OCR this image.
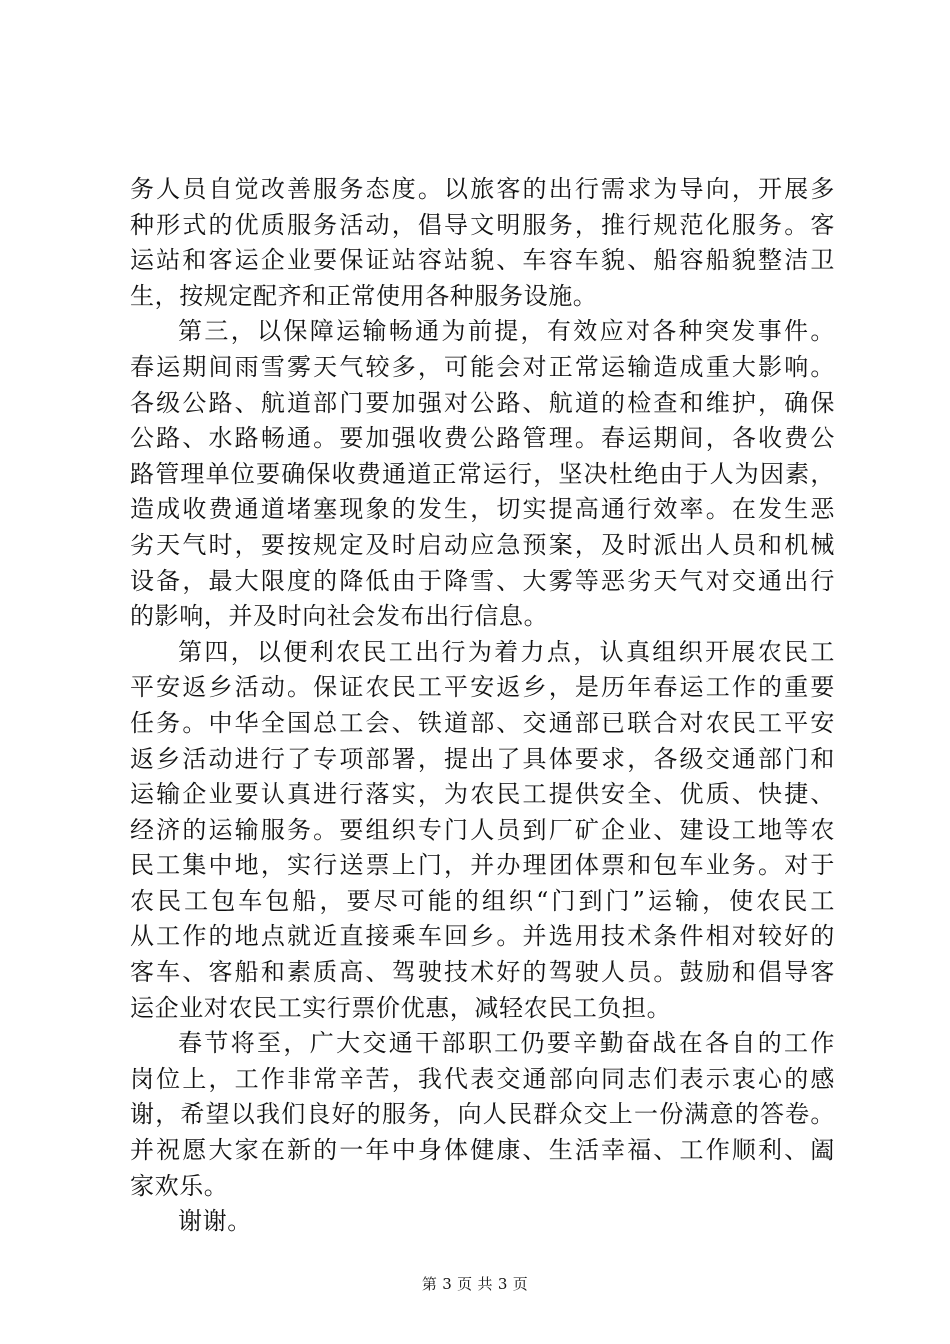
务人员自觉改善服务态度。以旅客的出行需求为导向，开展多
种形式的优质服务活动，倡导文明服务，推行规范化服务。客
运站和客运企业要保证站容站貌、车容车貌、船容船貌整洁卫
生，按规定配齐和正常使用各种服务设施。
第三，以保障运输畅通为前提，有效应对各种突发事件。
春运期间雨雪雾天气较多，可能会对正常运输造成重大影响。
各级公路、航道部门要加强对公路、航道的检查和维护，确保
公路、水路畅通。要加强收费公路管理。春运期间，各收费公
路管理单位要确保收费通道正常运行，坚决杜绝由于人为因素，
造成收费通道堵塞现象的发生，切实提高通行效率。在发生恶
劣天气时，要按规定及时启动应急预案，及时派出人员和机械
设备，最大限度的降低由于降雪、大雾等恶劣天气对交通出行
的影响，并及时向社会发布出行信息。
第四，以便利农民工出行为着力点，认真组织开展农民工
平安返乡活动。保证农民工平安返乡，是历年春运工作的重要
任务。中华全国总工会、铁道部、交通部已联合对农民工平安
返乡活动进行了专项部署，提出了具体要求，各级交通部门和
运输企业要认真进行落实，为农民工提供安全、优质、快捷、
经济的运输服务。要组织专门人员到厂矿企业、建设工地等农
民工集中地，实行送票上门，并办理团体票和包车业务。对于
农民工包车包船，要尽可能的组织“门到门”运输，使农民工
从工作的地点就近直接乘车回乡。并选用技术条件相对较好的
客车、客船和素质高、驾驶技术好的驾驶人员。鼓励和倡导客
运企业对农民工实行票价优惠，减轻农民工负担。
春节将至，广大交通干部职工仍要辛勤奋战在各自的工作
岗位上，工作非常辛苦，我代表交通部向同志们表示衷心的感
谢，希望以我们良好的服务，向人民群众交上一份满意的答卷。
并祝愿大家在新的一年中身体健康、生活幸福、工作顺利、阖
家欢乐。
谢谢。
第 3 页 共 3 页
